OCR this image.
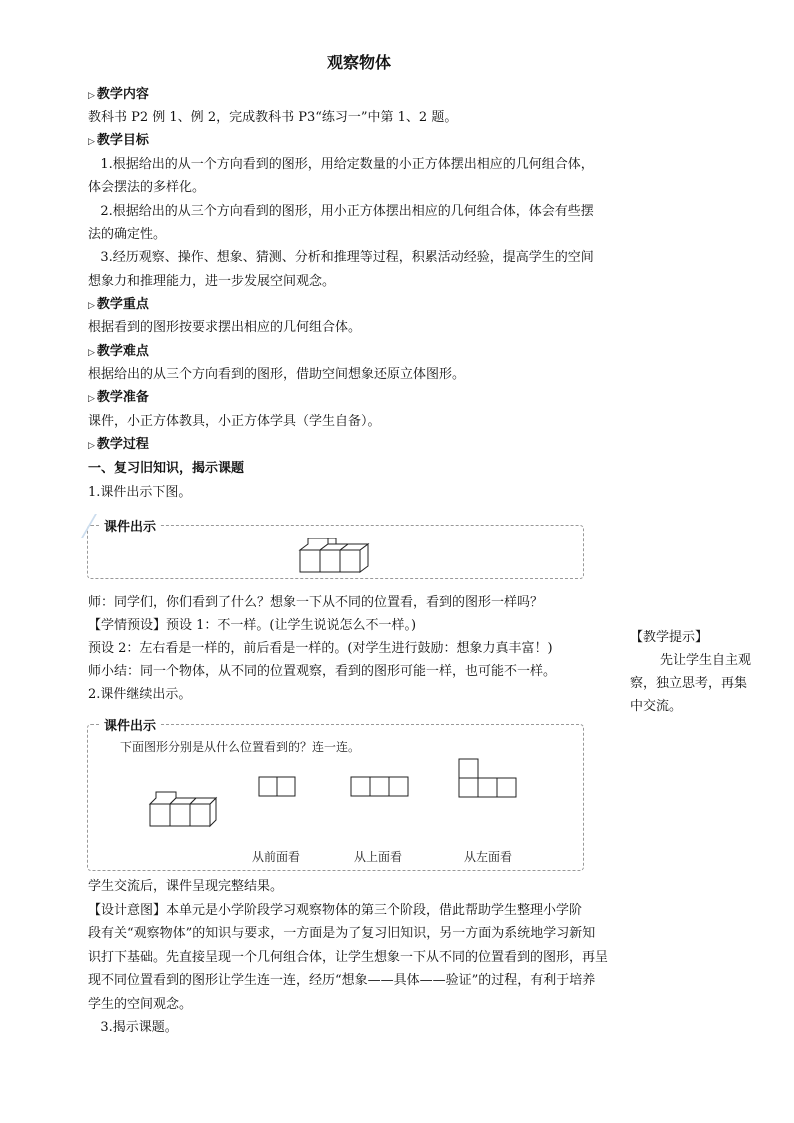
观察物体
▷ 教学内容
教科书 P2 例 1、例 2，完成教科书 P3“练习一”中第 1、2 题。
▷ 教学目标
1.根据给出的从一个方向看到的图形，用给定数量的小正方体摆出相应的几何组合体，
体会摆法的多样化。
2.根据给出的从三个方向看到的图形，用小正方体摆出相应的几何组合体，体会有些摆
法的确定性。
3.经历观察、操作、想象、猜测、分析和推理等过程，积累活动经验，提高学生的空间
想象力和推理能力，进一步发展空间观念。
▷ 教学重点
根据看到的图形按要求摆出相应的几何组合体。
▷ 教学难点
根据给出的从三个方向看到的图形，借助空间想象还原立体图形。
▷ 教学准备
课件，小正方体教具，小正方体学具（学生自备）。
▷ 教学过程
一、复习旧知识，揭示课题
1.课件出示下图。
课件出示
师：同学们，你们看到了什么？想象一下从不同的位置看，看到的图形一样吗？
【学情预设】预设 1：不一样。(让学生说说怎么不一样。)
预设 2：左右看是一样的，前后看是一样的。(对学生进行鼓励：想象力真丰富！)
师小结：同一个物体，从不同的位置观察，看到的图形可能一样，也可能不一样。
2.课件继续出示。
课件出示
下面图形分别是从什么位置看到的？连一连。
从前面看	从上面看	从左面看
学生交流后，课件呈现完整结果。
【设计意图】本单元是小学阶段学习观察物体的第三个阶段，借此帮助学生整理小学阶
段有关“观察物体”的知识与要求，一方面是为了复习旧知识，另一方面为系统地学习新知
识打下基础。先直接呈现一个几何组合体，让学生想象一下从不同的位置看到的图形，再呈
现不同位置看到的图形让学生连一连，经历“想象——具体——验证”的过程，有利于培养
学生的空间观念。
3.揭示课题。
【教学提示】
先让学生自主观
察，独立思考，再集
中交流。
